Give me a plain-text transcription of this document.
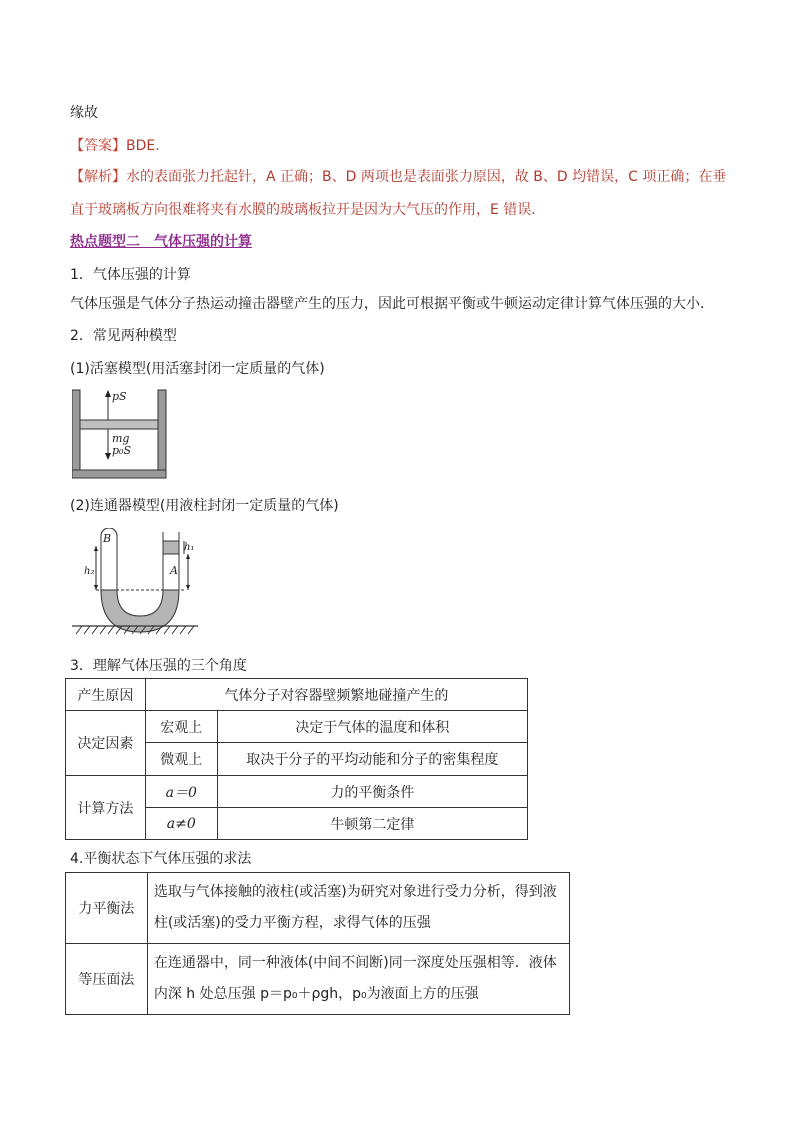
缘故
【答案】BDE.
【解析】水的表面张力托起针，A 正确；B、D 两项也是表面张力原因，故 B、D 均错误，C 项正确；在垂
直于玻璃板方向很难将夹有水膜的玻璃板拉开是因为大气压的作用，E 错误．
热点题型二　气体压强的计算
1．气体压强的计算
气体压强是气体分子热运动撞击器壁产生的压力，因此可根据平衡或牛顿运动定律计算气体压强的大小．
2．常见两种模型
(1)活塞模型(用活塞封闭一定质量的气体)
pS
mg
p₀S
(2)连通器模型(用液柱封闭一定质量的气体)
B
A
h₁
h₂
3．理解气体压强的三个角度
产生原因	气体分子对容器壁频繁地碰撞产生的	
决定因素	宏观上	决定于气体的温度和体积
	微观上	取决于分子的平均动能和分子的密集程度
计算方法	a＝0	力的平衡条件
	a≠0	牛顿第二定律
4.平衡状态下气体压强的求法
力平衡法	选取与气体接触的液柱(或活塞)为研究对象进行受力分析，得到液
柱(或活塞)的受力平衡方程，求得气体的压强

等压面法	在连通器中，同一种液体(中间不间断)同一深度处压强相等．液体
内深 h 处总压强 p＝p₀＋ρgh，p₀为液面上方的压强
